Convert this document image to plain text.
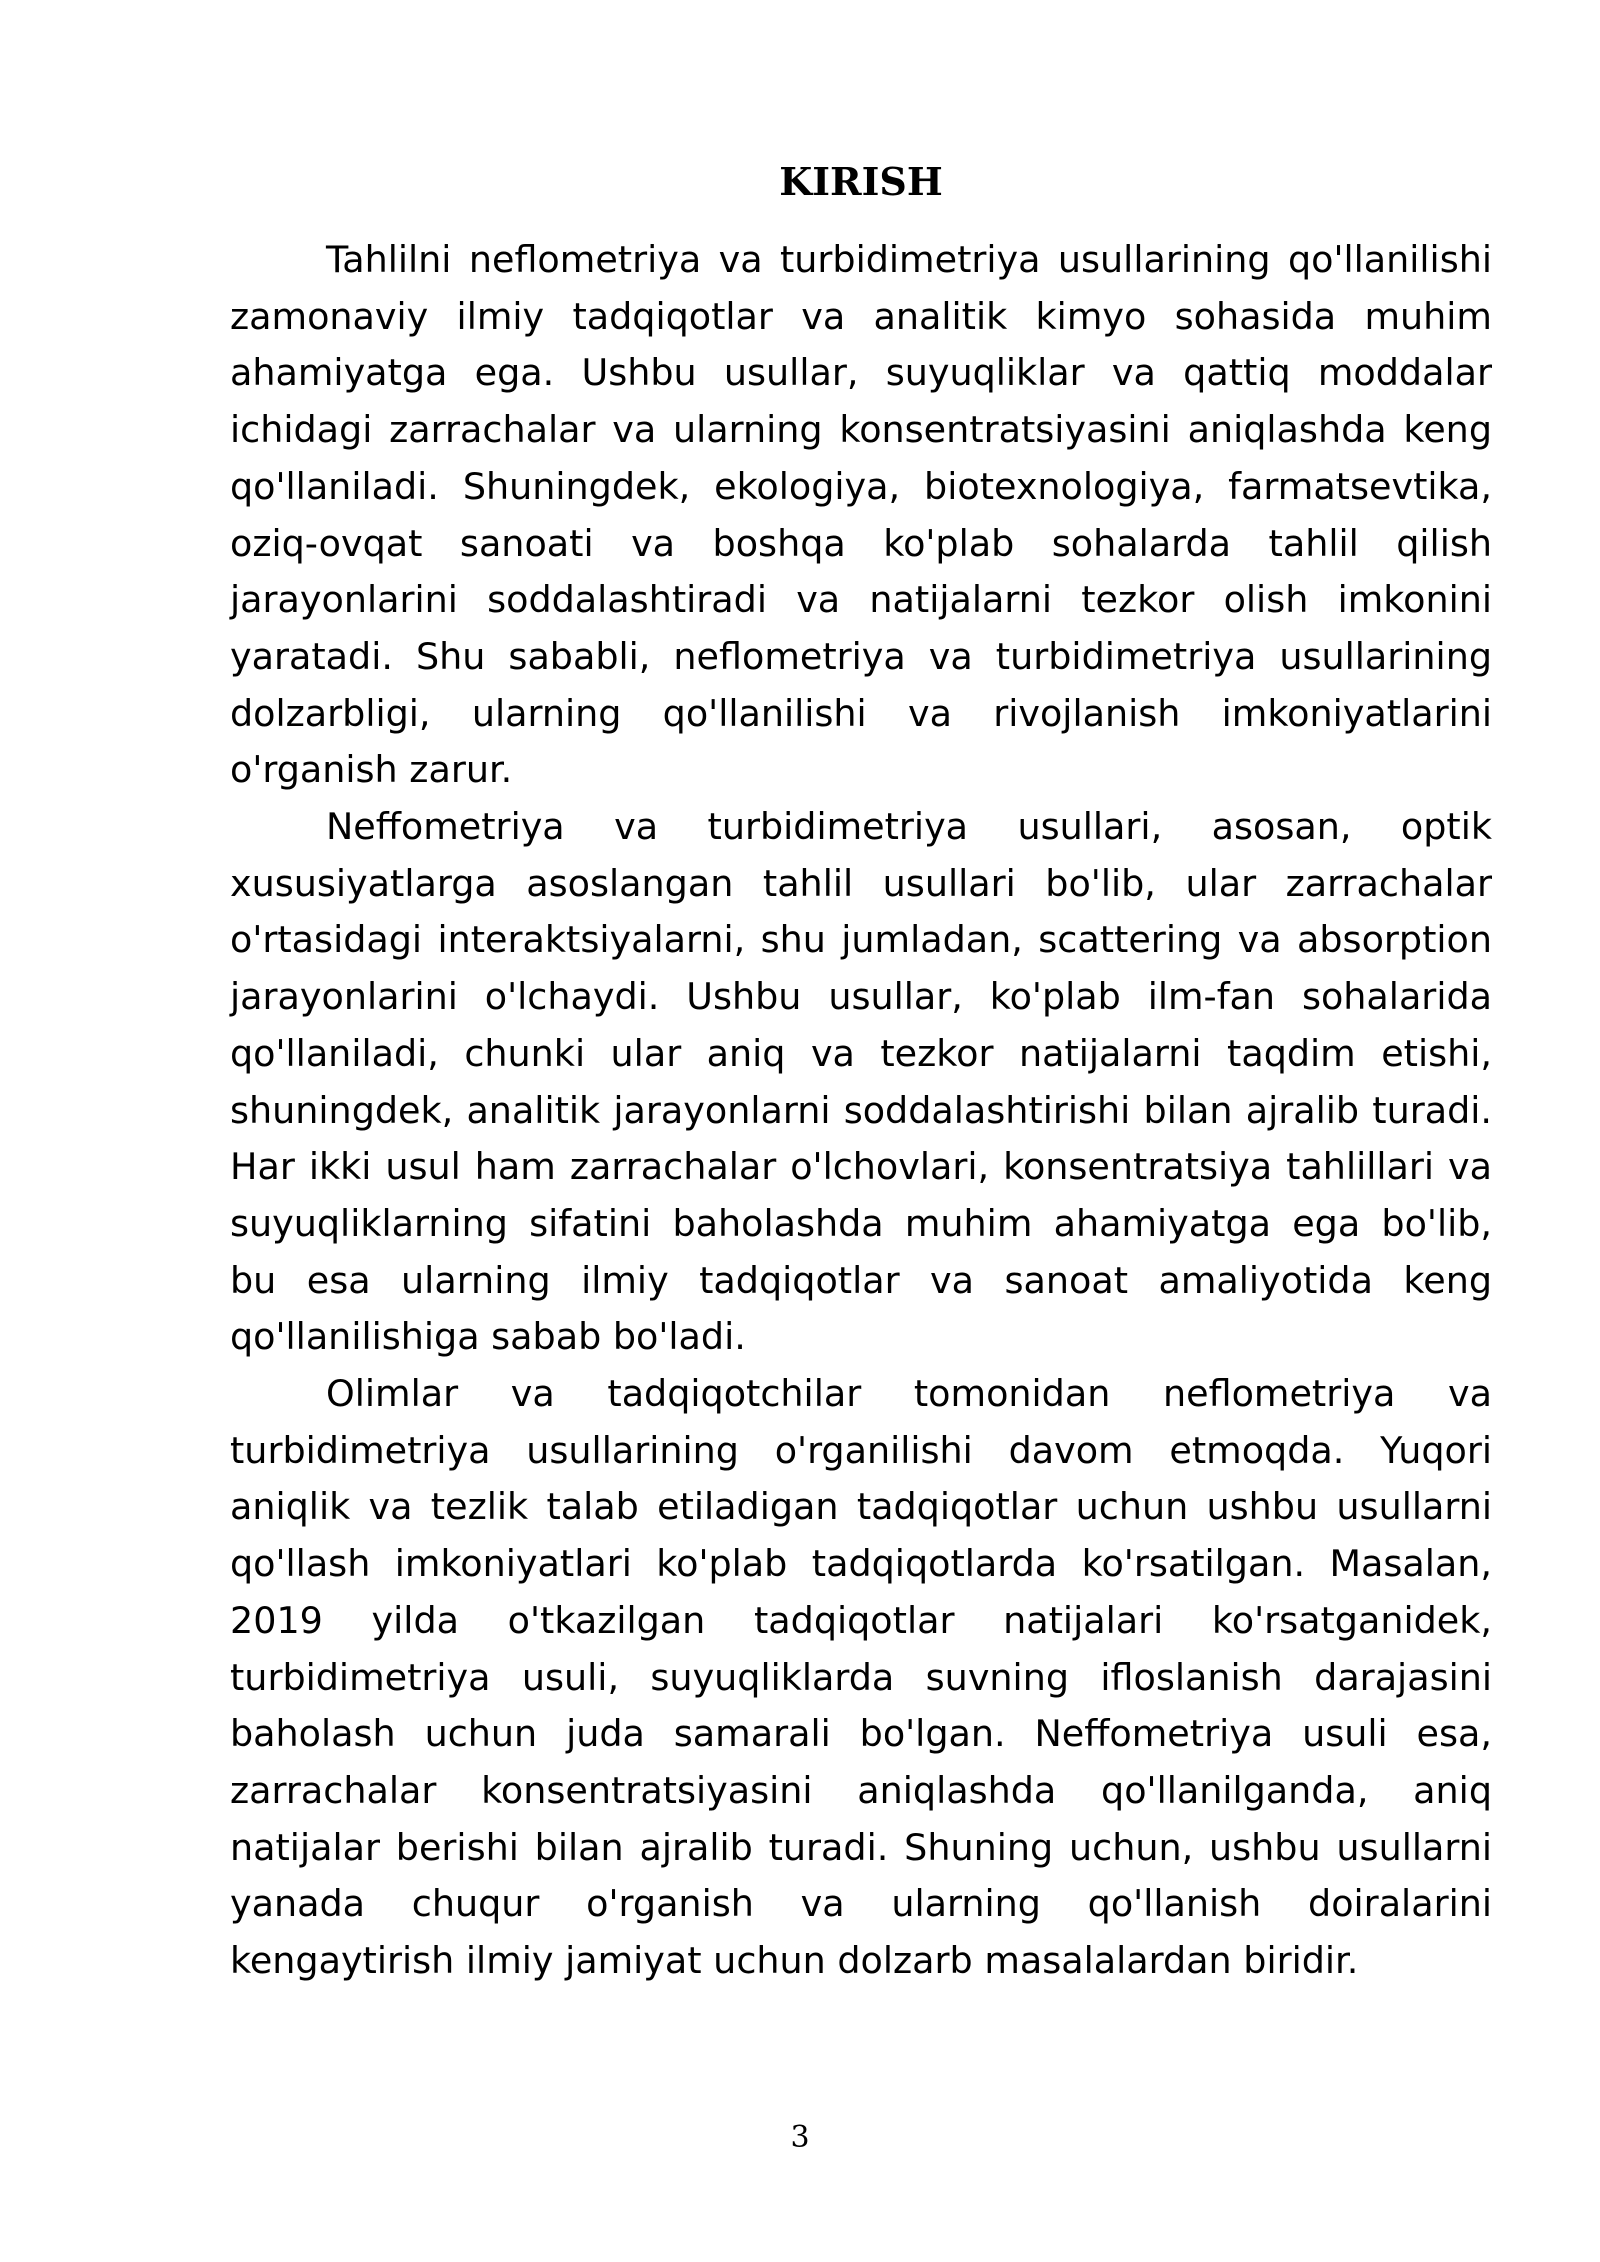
KIRISH

Tahlilni neflometriya va turbidimetriya usullarining qo'llanilishi zamonaviy ilmiy tadqiqotlar va analitik kimyo sohasida muhim ahamiyatga ega. Ushbu usullar, suyuqliklar va qattiq moddalar ichidagi zarrachalar va ularning konsentratsiyasini aniqlashda keng qo'llaniladi. Shuningdek, ekologiya, biotexnologiya, farmatsevtika, oziq-ovqat sanoati va boshqa ko'plab sohalarda tahlil qilish jarayonlarini soddalashtiradi va natijalarni tezkor olish imkonini yaratadi. Shu sababli, neflometriya va turbidimetriya usullarining dolzarbligi, ularning qo'llanilishi va rivojlanish imkoniyatlarini o'rganish zarur.

Neffometriya va turbidimetriya usullari, asosan, optik xususiyatlarga asoslangan tahlil usullari bo'lib, ular zarrachalar o'rtasidagi interaktsiyalarni, shu jumladan, scattering va absorption jarayonlarini o'lchaydi. Ushbu usullar, ko'plab ilm-fan sohalarida qo'llaniladi, chunki ular aniq va tezkor natijalarni taqdim etishi, shuningdek, analitik jarayonlarni soddalashtirishi bilan ajralib turadi. Har ikki usul ham zarrachalar o'lchovlari, konsentratsiya tahlillari va suyuqliklarning sifatini baholashda muhim ahamiyatga ega bo'lib, bu esa ularning ilmiy tadqiqotlar va sanoat amaliyotida keng qo'llanilishiga sabab bo'ladi.

Olimlar va tadqiqotchilar tomonidan neflometriya va turbidimetriya usullarining o'rganilishi davom etmoqda. Yuqori aniqlik va tezlik talab etiladigan tadqiqotlar uchun ushbu usullarni qo'llash imkoniyatlari ko'plab tadqiqotlarda ko'rsatilgan. Masalan, 2019 yilda o'tkazilgan tadqiqotlar natijalari ko'rsatganidek, turbidimetriya usuli, suyuqliklarda suvning ifloslanish darajasini baholash uchun juda samarali bo'lgan. Neffometriya usuli esa, zarrachalar konsentratsiyasini aniqlashda qo'llanilganda, aniq natijalar berishi bilan ajralib turadi. Shuning uchun, ushbu usullarni yanada chuqur o'rganish va ularning qo'llanish doiralarini kengaytirish ilmiy jamiyat uchun dolzarb masalalardan biridir.

3
